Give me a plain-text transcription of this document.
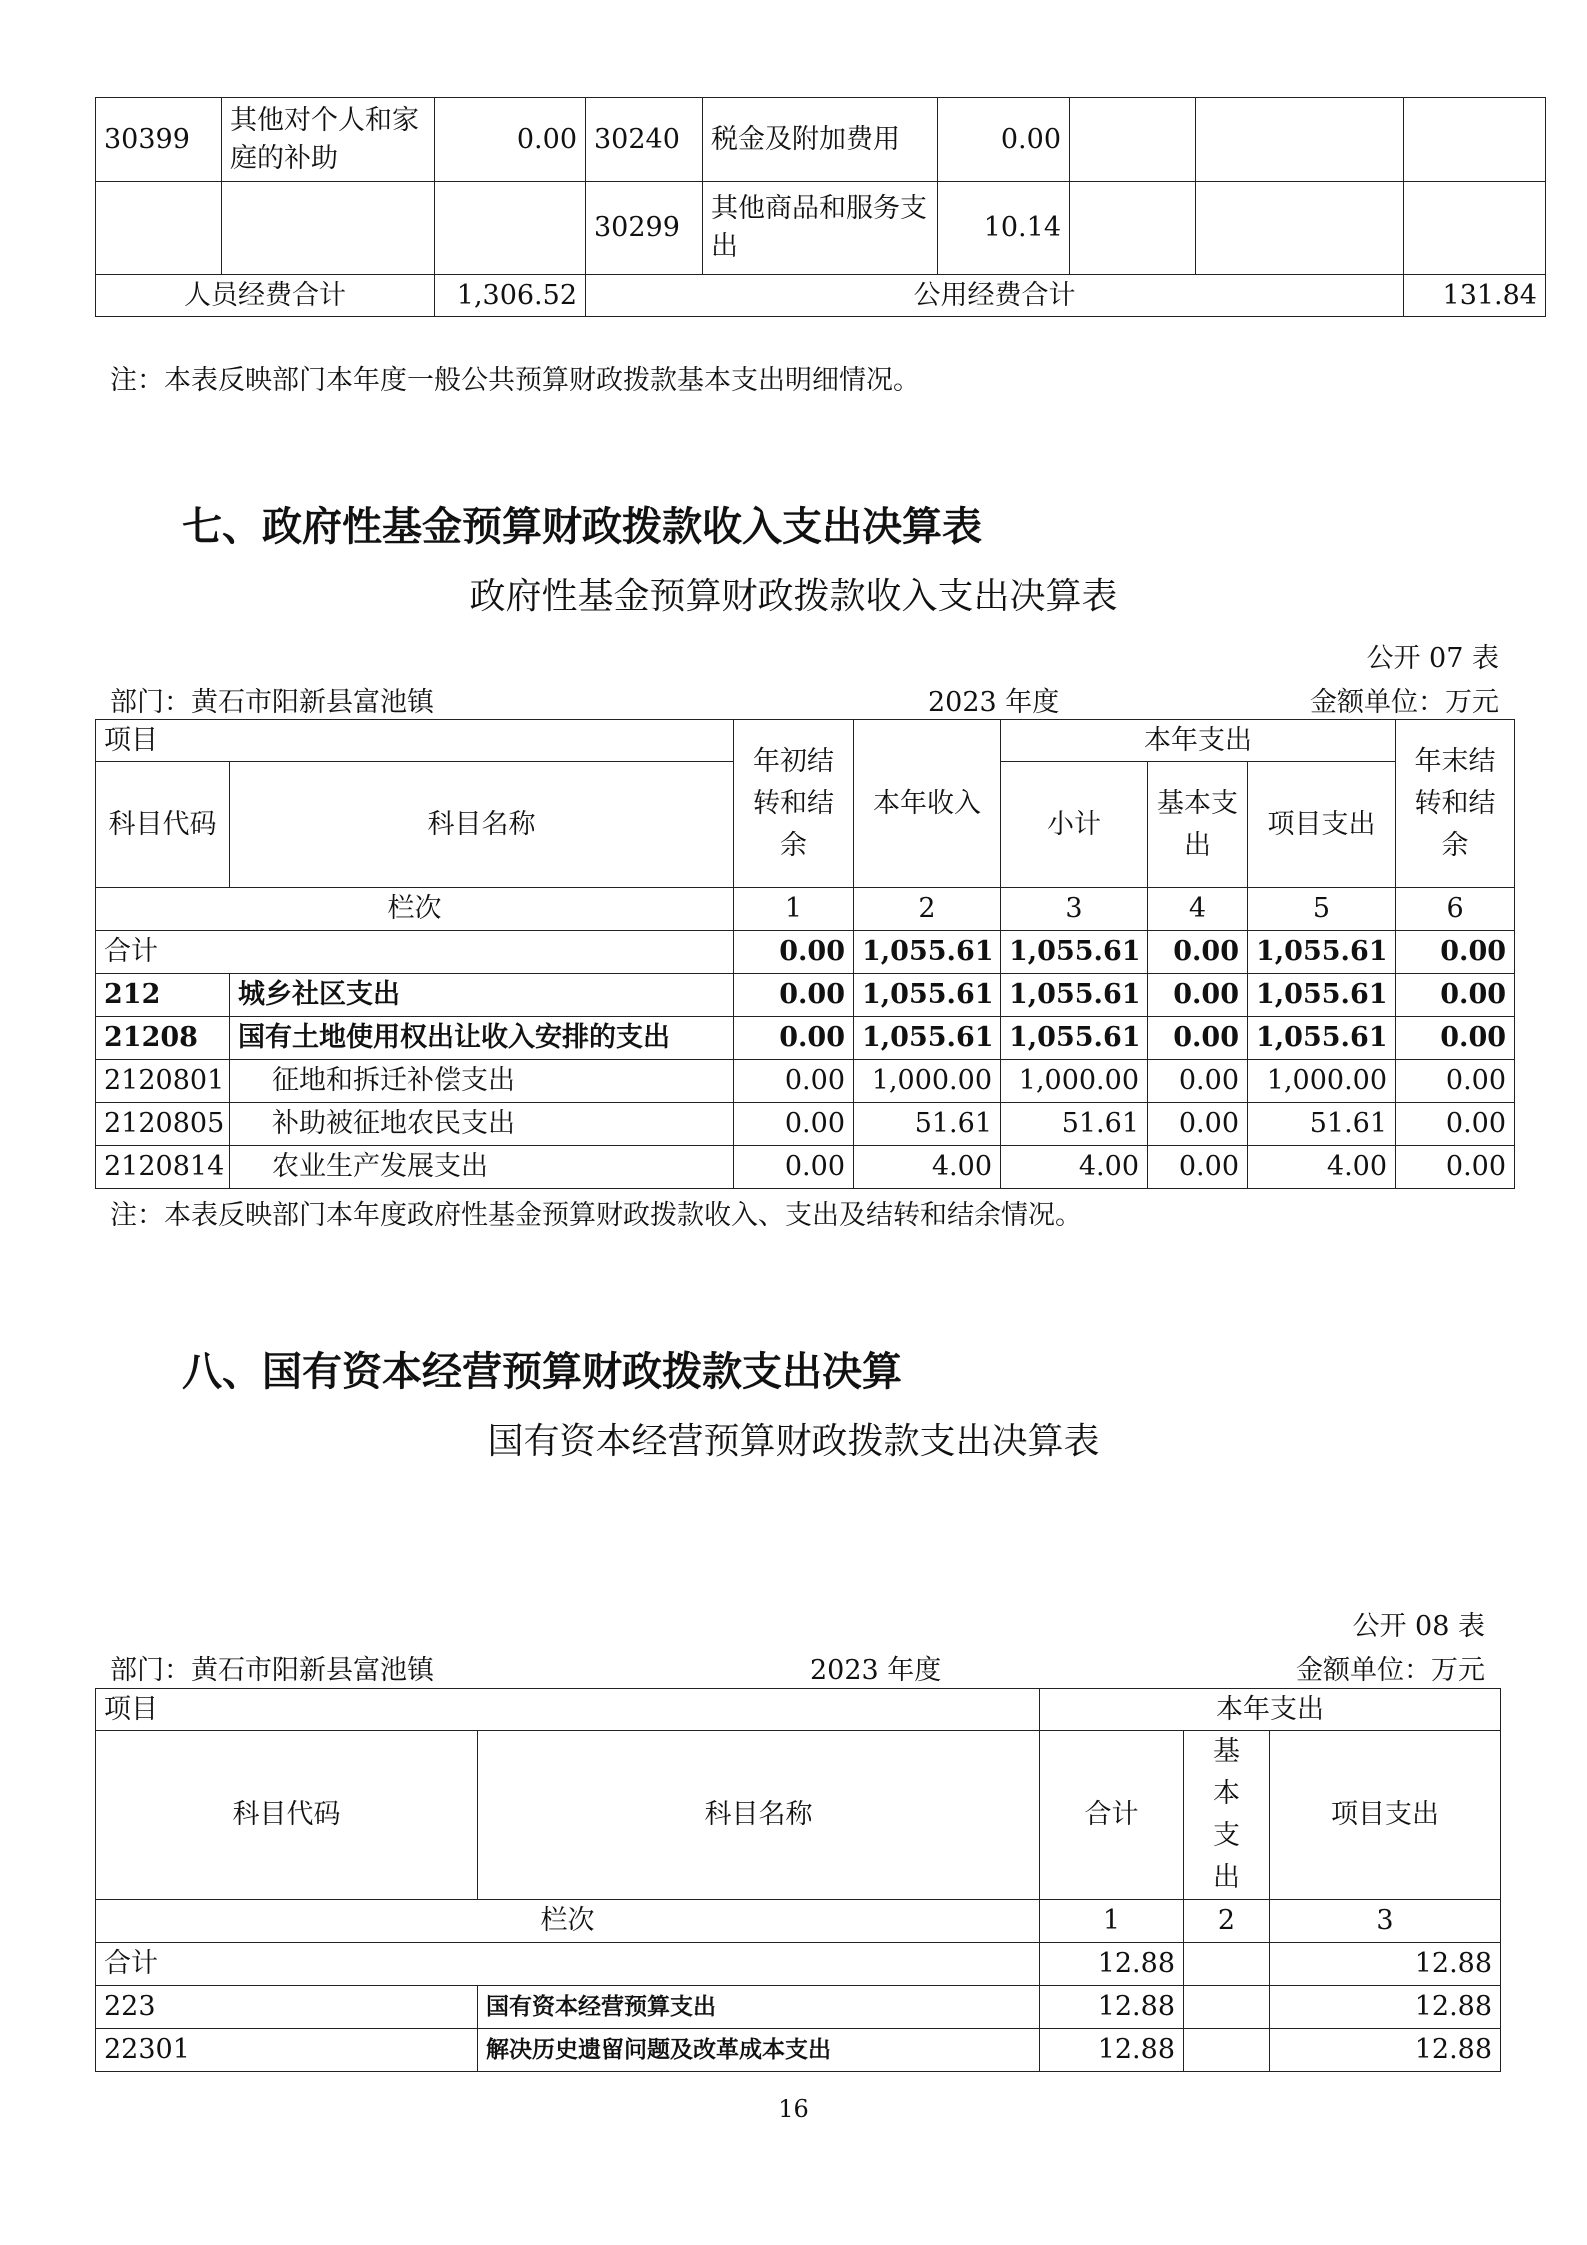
30399	其他对个人和家庭的补助	0.00	30240	税金及附加费用	0.00			
			30299	其他商品和服务支出	10.14			
人员经费合计		1,306.52	公用经费合计					131.84
注：本表反映部门本年度一般公共预算财政拨款基本支出明细情况。
七、政府性基金预算财政拨款收入支出决算表
政府性基金预算财政拨款收入支出决算表
公开 07 表
部门：黄石市阳新县富池镇	2023 年度	金额单位：万元
项目		年初结转和结余	本年收入	本年支出			年末结转和结余
科目代码	科目名称			小计	基本支出	项目支出	
栏次		1	2	3	4	5	6
合计		0.00	1,055.61	1,055.61	0.00	1,055.61	0.00
212	城乡社区支出	0.00	1,055.61	1,055.61	0.00	1,055.61	0.00
21208	国有土地使用权出让收入安排的支出	0.00	1,055.61	1,055.61	0.00	1,055.61	0.00
2120801	征地和拆迁补偿支出	0.00	1,000.00	1,000.00	0.00	1,000.00	0.00
2120805	补助被征地农民支出	0.00	51.61	51.61	0.00	51.61	0.00
2120814	农业生产发展支出	0.00	4.00	4.00	0.00	4.00	0.00
注：本表反映部门本年度政府性基金预算财政拨款收入、支出及结转和结余情况。
八、国有资本经营预算财政拨款支出决算
国有资本经营预算财政拨款支出决算表
公开 08 表
部门：黄石市阳新县富池镇	2023 年度	金额单位：万元
项目		本年支出		
科目代码	科目名称	合计	基本支出	项目支出
栏次		1	2	3
合计		12.88		12.88
223	国有资本经营预算支出	12.88		12.88
22301	解决历史遗留问题及改革成本支出	12.88		12.88
16
